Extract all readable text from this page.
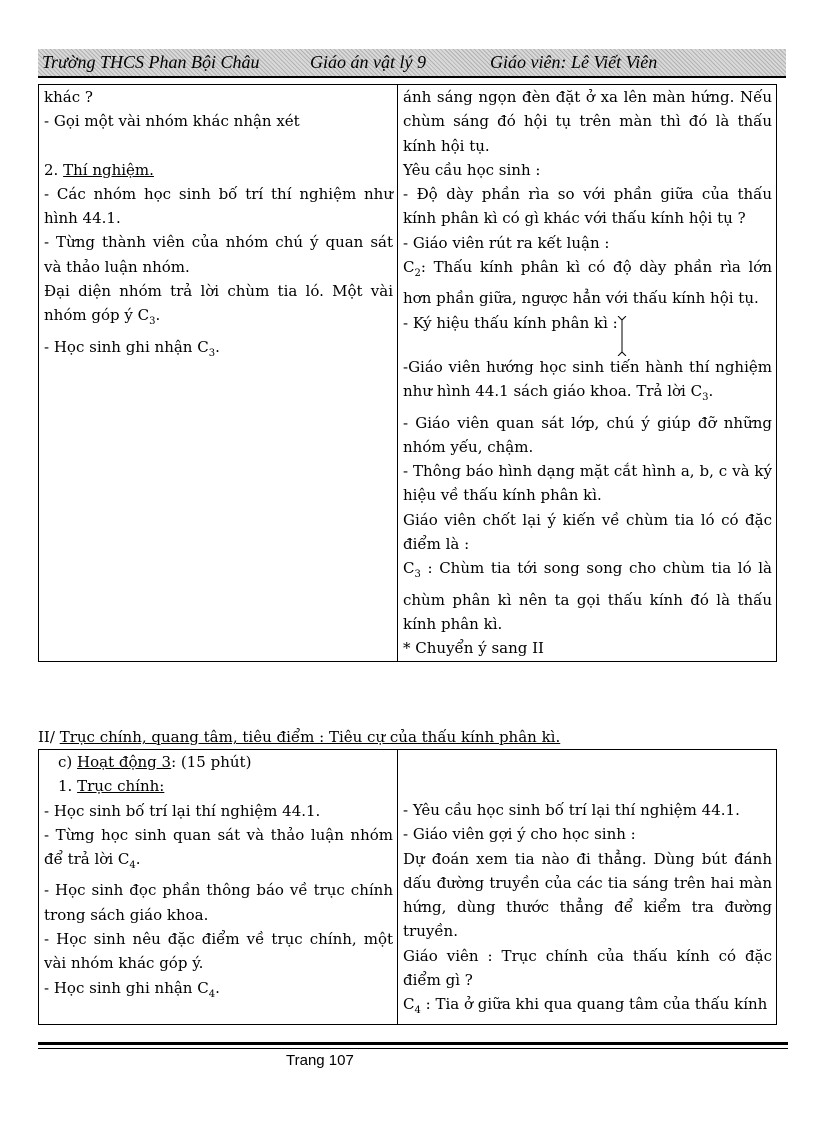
Trường THCS Phan Bội Châu	Giáo án vật lý 9	Giáo viên: Lê Viết Viên
khác ?
- Gọi một vài nhóm khác nhận xét
2. Thí nghiệm.
- Các nhóm học sinh bố trí thí nghiệm như hình 44.1.
- Từng thành viên của nhóm chú ý quan sát và thảo luận nhóm.
Đại diện nhóm trả lời chùm tia ló. Một vài nhóm góp ý $C_3$.
- Học sinh ghi nhận $C_3$.

ánh sáng ngọn đèn đặt ở xa lên màn hứng. Nếu chùm sáng đó hội tụ trên màn thì đó là thấu kính hội tụ.
Yêu cầu học sinh :
- Độ dày phần rìa so với phần giữa của thấu kính phân kì có gì khác với thấu kính hội tụ ?
- Giáo viên rút ra kết luận :
$C_2$: Thấu kính phân kì có độ dày phần rìa lớn hơn phần giữa, ngược hẳn với thấu kính hội tụ.
- Ký hiệu thấu kính phân kì :
-Giáo viên hướng học sinh tiến hành thí nghiệm như hình 44.1 sách giáo khoa. Trả lời $C_3$.
- Giáo viên quan sát lớp, chú ý giúp đỡ những nhóm yếu, chậm.
- Thông báo hình dạng mặt cắt hình a, b, c và ký hiệu về thấu kính phân kì.
Giáo viên chốt lại ý kiến về chùm tia ló có đặc điểm là :
$C_3$ : Chùm tia tới song song cho chùm tia ló là chùm phân kì nên ta gọi thấu kính đó là thấu kính phân kì.
* Chuyển ý sang II
II/ Trục chính, quang tâm, tiêu điểm : Tiêu cự của thấu kính phân kì.
c) Hoạt động 3: (15 phút)
1. Trục chính:
- Học sinh bố trí lại thí nghiệm 44.1.
- Từng học sinh quan sát và thảo luận nhóm để trả lời $C_4$.
- Học sinh đọc phần thông báo về trục chính trong sách giáo khoa.
- Học sinh nêu đặc điểm về trục chính, một vài nhóm khác góp ý.
- Học sinh ghi nhận $C_4$.

- Yêu cầu học sinh bố trí lại thí nghiệm 44.1.
- Giáo viên gợi ý cho học sinh :
Dự đoán xem tia nào đi thẳng. Dùng bút đánh dấu đường truyền của các tia sáng trên hai màn hứng, dùng thước thẳng để kiểm tra đường truyền.
Giáo viên : Trục chính của thấu kính có đặc điểm gì ?
$C_4$ : Tia ở giữa khi qua quang tâm của thấu kính
Trang 107
